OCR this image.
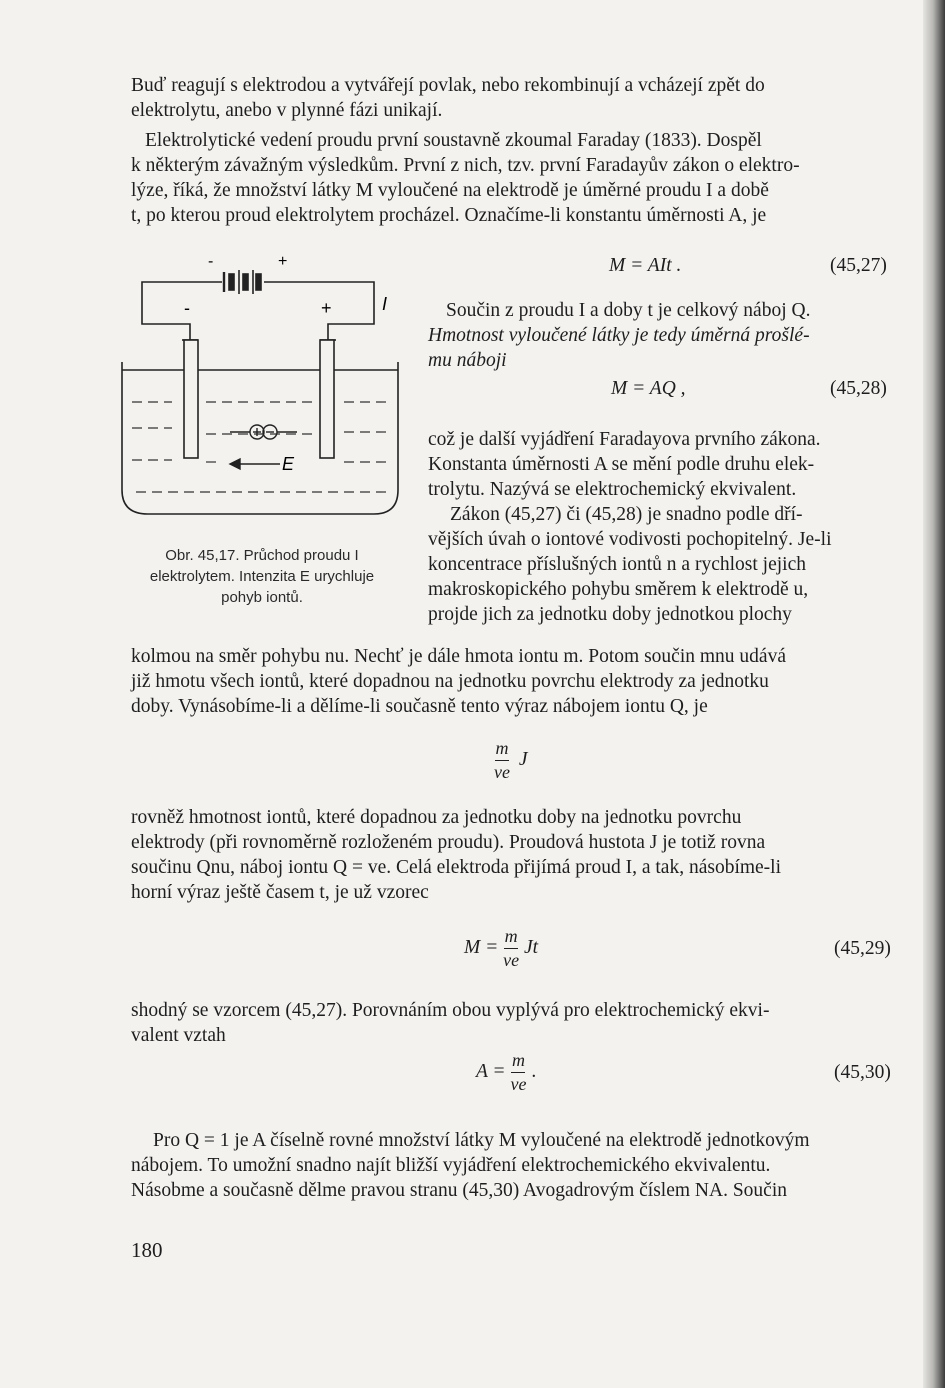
Buď reagují s elektrodou a vytvářejí povlak, nebo rekombinují a vcházejí zpět do
elektrolytu, anebo v plynné fázi unikají.
Elektrolytické vedení proudu první soustavně zkoumal Faraday (1833). Dospěl
k některým závažným výsledkům. První z nich, tzv. první Faradayův zákon o elektro-
lýze, říká, že množství látky M vyloučené na elektrodě je úměrné proudu I a době
t, po kterou proud elektrolytem procházel. Označíme-li konstantu úměrnosti A, je
-	+
-	+	I
E
Obr. 45,17. Průchod proudu I
elektrolytem. Intenzita E urychluje
pohyb iontů.
M = AIt .	(45,27)
Součin z proudu I a doby t je celkový náboj Q.
Hmotnost vyloučené látky je tedy úměrná prošlé-
mu náboji
M = AQ ,	(45,28)
což je další vyjádření Faradayova prvního zákona.
Konstanta úměrnosti A se mění podle druhu elek-
trolytu. Nazývá se elektrochemický ekvivalent.
Zákon (45,27) či (45,28) je snadno podle dří-
vějších úvah o iontové vodivosti pochopitelný. Je-li
koncentrace příslušných iontů n a rychlost jejich
makroskopického pohybu směrem k elektrodě u,
projde jich za jednotku doby jednotkou plochy
kolmou na směr pohybu nu. Nechť je dále hmota iontu m. Potom součin mnu udává
již hmotu všech iontů, které dopadnou na jednotku povrchu elektrody za jednotku
doby. Vynásobíme-li a dělíme-li současně tento výraz nábojem iontu Q, je
$\frac{m}{ve}$ J
rovněž hmotnost iontů, které dopadnou za jednotku doby na jednotku povrchu
elektrody (při rovnoměrně rozloženém proudu). Proudová hustota J je totiž rovna
součinu Qnu, náboj iontu Q = ve. Celá elektroda přijímá proud I, a tak, násobíme-li
horní výraz ještě časem t, je už vzorec
$M = \frac{m}{ve}$ Jt	(45,29)
shodný se vzorcem (45,27). Porovnáním obou vyplývá pro elektrochemický ekvi-
valent vztah
$A = \frac{m}{ve}$ .	(45,30)
Pro Q = 1 je A číselně rovné množství látky M vyloučené na elektrodě jednotkovým
nábojem. To umožní snadno najít bližší vyjádření elektrochemického ekvivalentu.
Násobme a současně dělme pravou stranu (45,30) Avogadrovým číslem NA. Součin
180
